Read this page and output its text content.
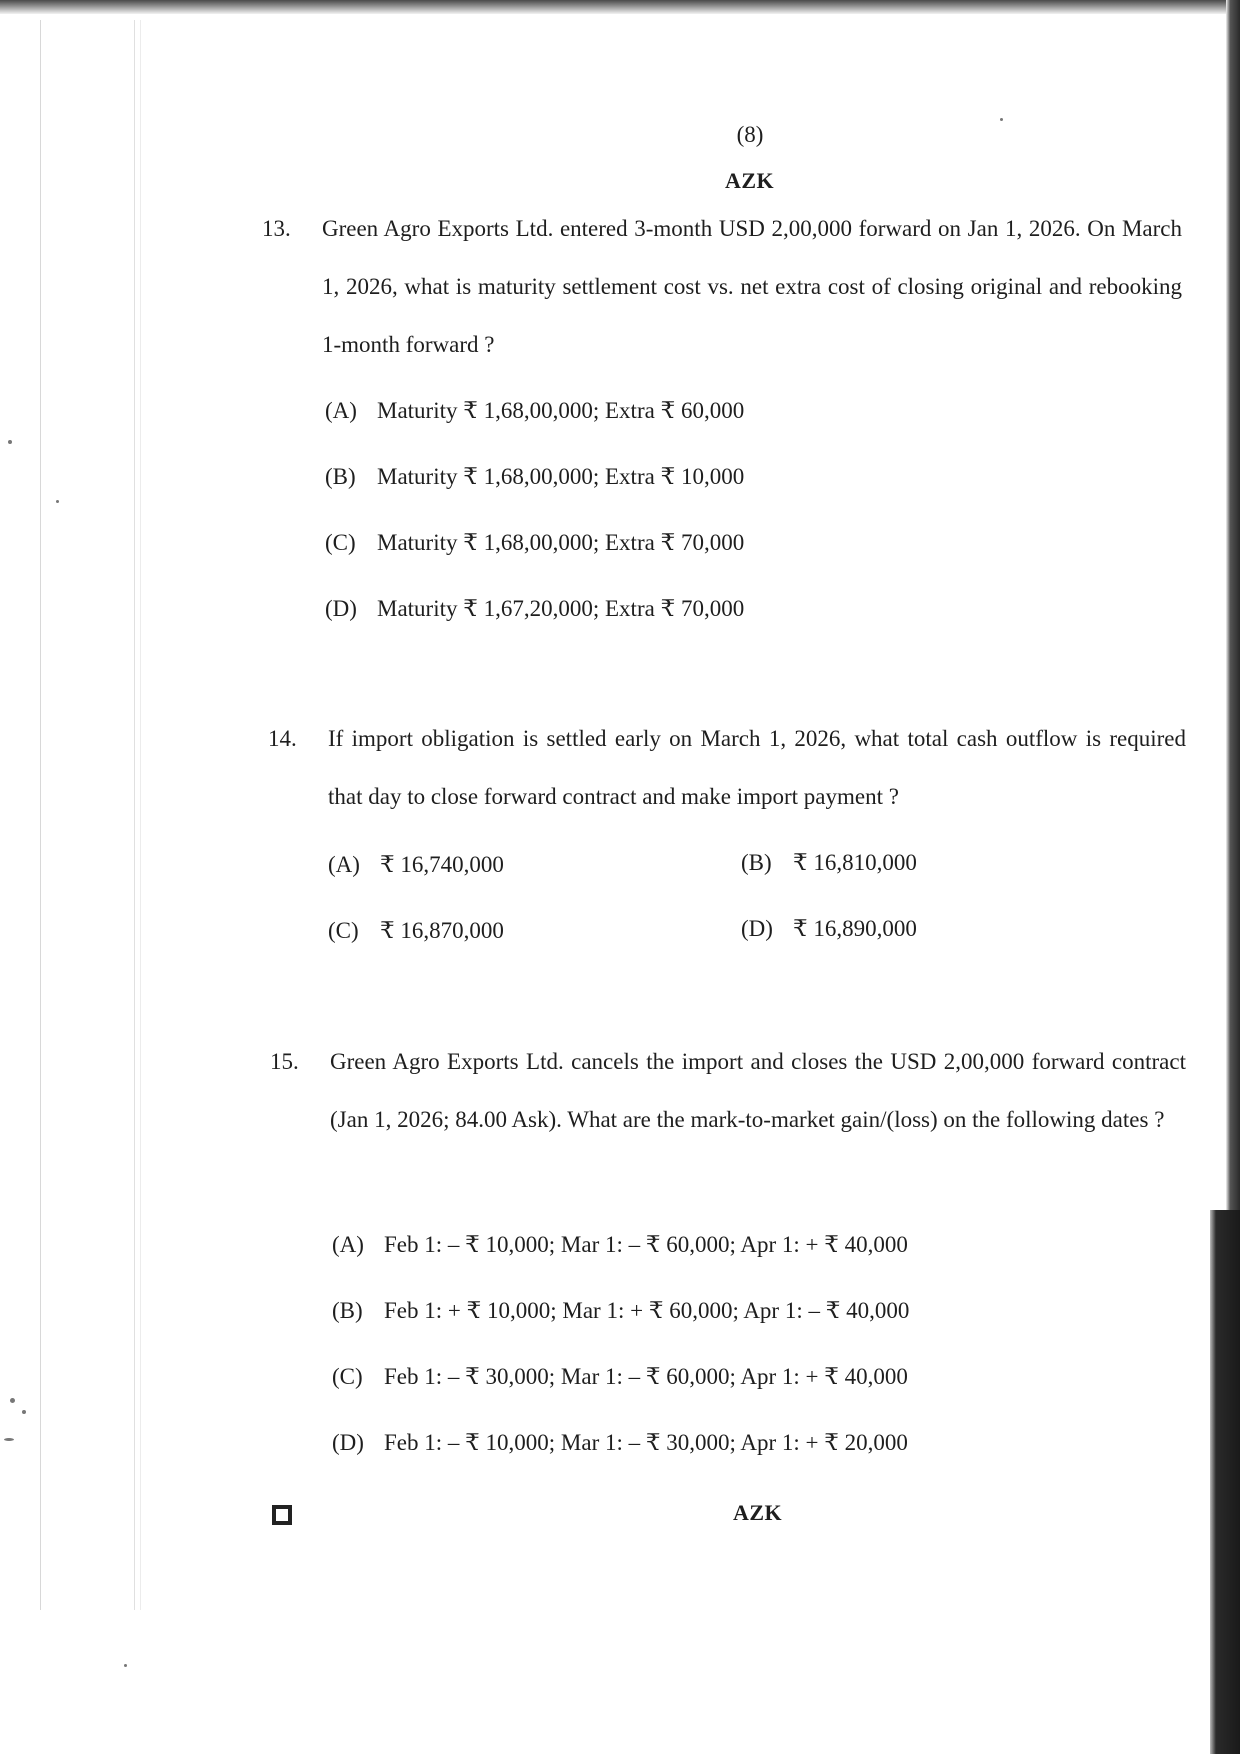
(8)
AZK
13. Green Agro Exports Ltd. entered 3-month USD 2,00,000 forward on Jan 1, 2026. On March 1, 2026, what is maturity settlement cost vs. net extra cost of closing original and rebooking 1-month forward ?
(A) Maturity ₹ 1,68,00,000; Extra ₹ 60,000
(B) Maturity ₹ 1,68,00,000; Extra ₹ 10,000
(C) Maturity ₹ 1,68,00,000; Extra ₹ 70,000
(D) Maturity ₹ 1,67,20,000; Extra ₹ 70,000
14. If import obligation is settled early on March 1, 2026, what total cash outflow is required that day to close forward contract and make import payment ?
(A) ₹ 16,740,000	(B) ₹ 16,810,000
(C) ₹ 16,870,000	(D) ₹ 16,890,000
15. Green Agro Exports Ltd. cancels the import and closes the USD 2,00,000 forward contract (Jan 1, 2026; 84.00 Ask). What are the mark-to-market gain/(loss) on the following dates ?
(A) Feb 1: – ₹ 10,000; Mar 1: – ₹ 60,000; Apr 1: + ₹ 40,000
(B) Feb 1: + ₹ 10,000; Mar 1: + ₹ 60,000; Apr 1: – ₹ 40,000
(C) Feb 1: – ₹ 30,000; Mar 1: – ₹ 60,000; Apr 1: + ₹ 40,000
(D) Feb 1: – ₹ 10,000; Mar 1: – ₹ 30,000; Apr 1: + ₹ 20,000
AZK
